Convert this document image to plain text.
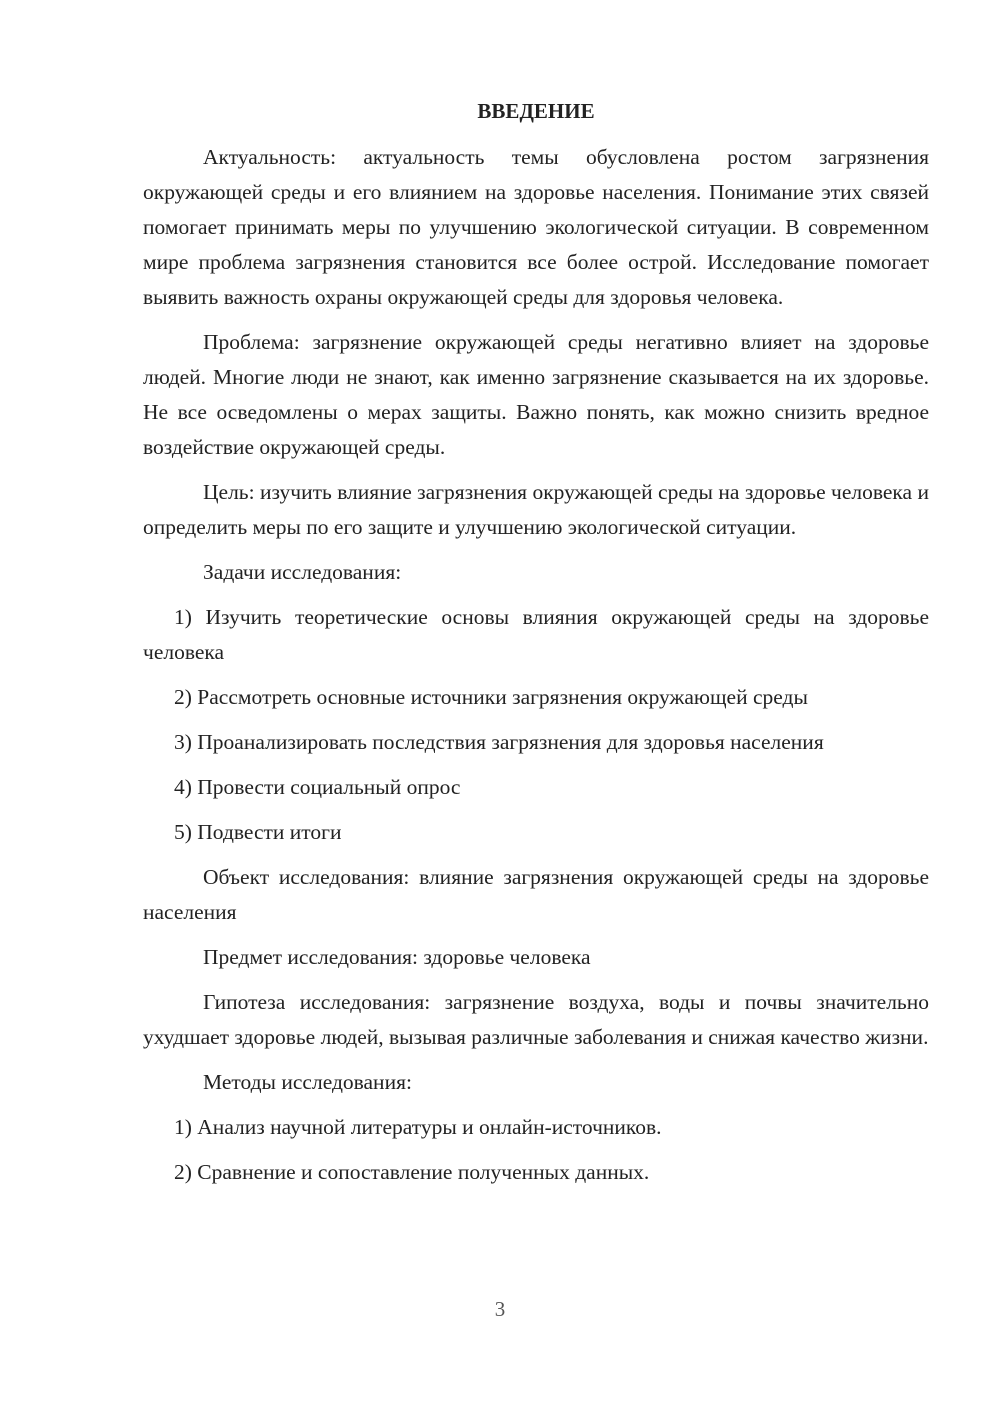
ВВЕДЕНИЕ

Актуальность: актуальность темы обусловлена ростом загрязнения окружающей среды и его влиянием на здоровье населения. Понимание этих связей помогает принимать меры по улучшению экологической ситуации. В современном мире проблема загрязнения становится все более острой. Исследование помогает выявить важность охраны окружающей среды для здоровья человека.

Проблема: загрязнение окружающей среды негативно влияет на здоровье людей. Многие люди не знают, как именно загрязнение сказывается на их здоровье. Не все осведомлены о мерах защиты. Важно понять, как можно снизить вредное воздействие окружающей среды.

Цель: изучить влияние загрязнения окружающей среды на здоровье человека и определить меры по его защите и улучшению экологической ситуации.

Задачи исследования:

1) Изучить теоретические основы влияния окружающей среды на здоровье человека

2) Рассмотреть основные источники загрязнения окружающей среды

3) Проанализировать последствия загрязнения для здоровья населения

4) Провести социальный опрос

5) Подвести итоги

Объект исследования: влияние загрязнения окружающей среды на здоровье населения

Предмет исследования: здоровье человека

Гипотеза исследования: загрязнение воздуха, воды и почвы значительно ухудшает здоровье людей, вызывая различные заболевания и снижая качество жизни.

Методы исследования:

1) Анализ научной литературы и онлайн-источников.

2) Сравнение и сопоставление полученных данных.

3
